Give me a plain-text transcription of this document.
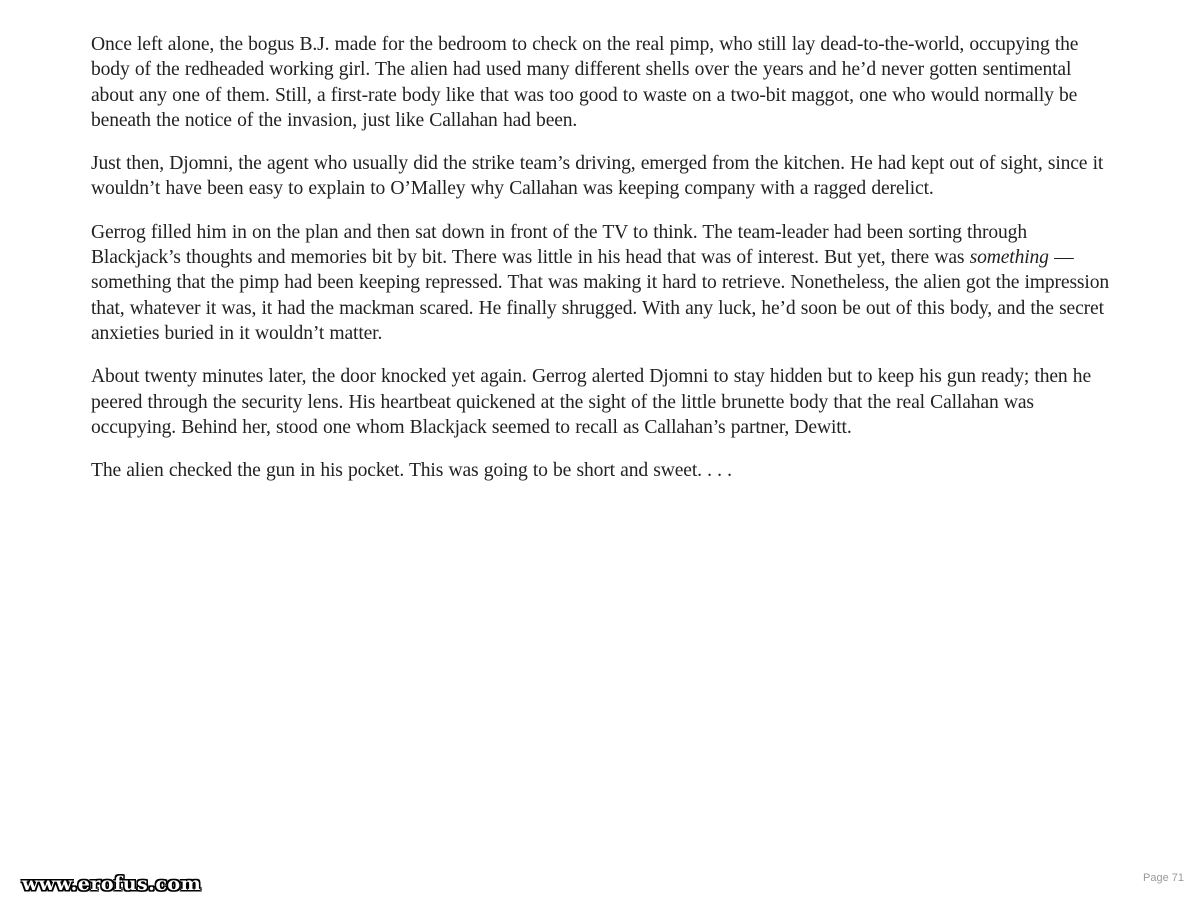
Once left alone, the bogus B.J. made for the bedroom to check on the real pimp, who still lay dead-to-the-world, occupying the body of the redheaded working girl. The alien had used many different shells over the years and he’d never gotten sentimental about any one of them. Still, a first-rate body like that was too good to waste on a two-bit maggot, one who would normally be beneath the notice of the invasion, just like Callahan had been.

Just then, Djomni, the agent who usually did the strike team’s driving, emerged from the kitchen. He had kept out of sight, since it wouldn’t have been easy to explain to O’Malley why Callahan was keeping company with a ragged derelict.

Gerrog filled him in on the plan and then sat down in front of the TV to think. The team-leader had been sorting through Blackjack’s thoughts and memories bit by bit. There was little in his head that was of interest. But yet, there was something — something that the pimp had been keeping repressed. That was making it hard to retrieve. Nonetheless, the alien got the impression that, whatever it was, it had the mackman scared. He finally shrugged. With any luck, he’d soon be out of this body, and the secret anxieties buried in it wouldn’t matter.

About twenty minutes later, the door knocked yet again. Gerrog alerted Djomni to stay hidden but to keep his gun ready; then he peered through the security lens. His heartbeat quickened at the sight of the little brunette body that the real Callahan was occupying. Behind her, stood one whom Blackjack seemed to recall as Callahan’s partner, Dewitt.

The alien checked the gun in his pocket. This was going to be short and sweet. . . .

www.erofus.com	Page 71
